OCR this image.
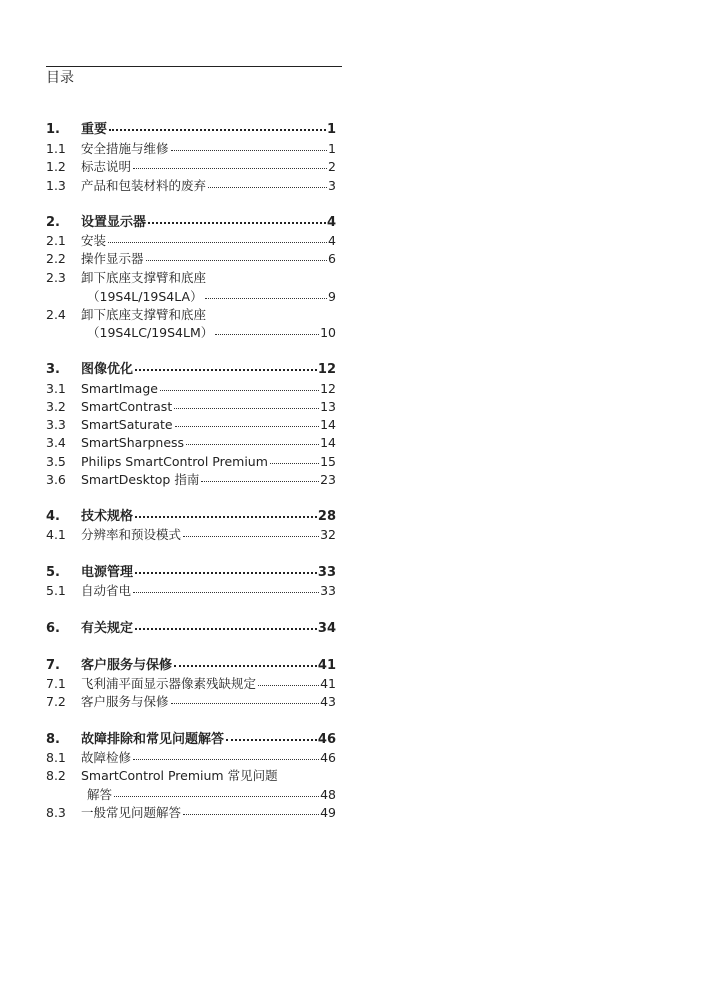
目录
1. 重要	1
1.1 安全措施与维修	1
1.2 标志说明	2
1.3 产品和包装材料的废弃	3
2. 设置显示器	4
2.1 安装	4
2.2 操作显示器	6
2.3 卸下底座支撑臂和底座
（19S4L/19S4LA）	9
2.4 卸下底座支撑臂和底座
（19S4LC/19S4LM）	10
3. 图像优化	12
3.1 SmartImage	12
3.2 SmartContrast	13
3.3 SmartSaturate	14
3.4 SmartSharpness	14
3.5 Philips SmartControl Premium	15
3.6 SmartDesktop 指南	23
4. 技术规格	28
4.1 分辨率和预设模式	32
5. 电源管理	33
5.1 自动省电	33
6. 有关规定	34
7. 客户服务与保修	41
7.1 飞利浦平面显示器像素残缺规定	41
7.2 客户服务与保修	43
8. 故障排除和常见问题解答	46
8.1 故障检修	46
8.2 SmartControl Premium 常见问题
解答	48
8.3 一般常见问题解答	49
